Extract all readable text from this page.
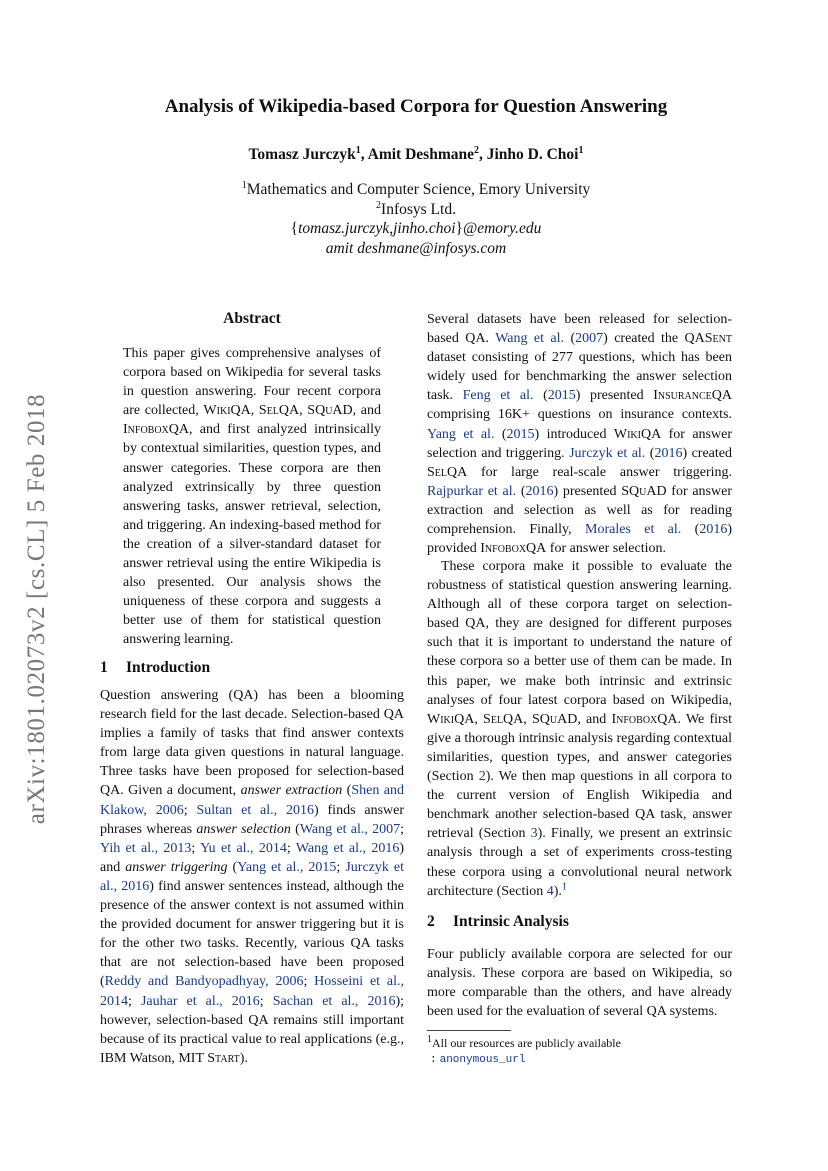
arXiv:1801.02073v2 [cs.CL] 5 Feb 2018
Analysis of Wikipedia-based Corpora for Question Answering
Tomasz Jurczyk$^1$, Amit Deshmane$^2$, Jinho D. Choi$^1$
$^1$Mathematics and Computer Science, Emory University
$^2$Infosys Ltd.
{tomasz.jurczyk,jinho.choi}@emory.edu
amit deshmane@infosys.com
Abstract
This paper gives comprehensive analyses of corpora based on Wikipedia for several tasks in question answering. Four recent corpora are collected, WikiQA, SelQA, SQuAD, and InfoboxQA, and first analyzed intrinsically by contextual similarities, question types, and answer categories. These corpora are then analyzed extrinsically by three question answering tasks, answer retrieval, selection, and triggering. An indexing-based method for the creation of a silver-standard dataset for answer retrieval using the entire Wikipedia is also presented. Our analysis shows the uniqueness of these corpora and suggests a better use of them for statistical question answering learning.
1 Introduction
Question answering (QA) has been a blooming research field for the last decade. Selection-based QA implies a family of tasks that find answer contexts from large data given questions in natural language. Three tasks have been proposed for selection-based QA. Given a document, answer extraction (Shen and Klakow, 2006; Sultan et al., 2016) finds answer phrases whereas answer selection (Wang et al., 2007; Yih et al., 2013; Yu et al., 2014; Wang et al., 2016) and answer triggering (Yang et al., 2015; Jurczyk et al., 2016) find answer sentences instead, although the presence of the answer context is not assumed within the provided document for answer triggering but it is for the other two tasks. Recently, various QA tasks that are not selection-based have been proposed (Reddy and Bandyopadhyay, 2006; Hosseini et al., 2014; Jauhar et al., 2016; Sachan et al., 2016); however, selection-based QA remains still important because of its practical value to real applications (e.g., IBM Watson, MIT Start).
Several datasets have been released for selection-based QA. Wang et al. (2007) created the QASent dataset consisting of 277 questions, which has been widely used for benchmarking the answer selection task. Feng et al. (2015) presented InsuranceQA comprising 16K+ questions on insurance contexts. Yang et al. (2015) introduced WikiQA for answer selection and triggering. Jurczyk et al. (2016) created SelQA for large real-scale answer triggering. Rajpurkar et al. (2016) presented SQuAD for answer extraction and selection as well as for reading comprehension. Finally, Morales et al. (2016) provided InfoboxQA for answer selection.
These corpora make it possible to evaluate the robustness of statistical question answering learning. Although all of these corpora target on selection-based QA, they are designed for different purposes such that it is important to understand the nature of these corpora so a better use of them can be made. In this paper, we make both intrinsic and extrinsic analyses of four latest corpora based on Wikipedia, WikiQA, SelQA, SQuAD, and InfoboxQA. We first give a thorough intrinsic analysis regarding contextual similarities, question types, and answer categories (Section 2). We then map questions in all corpora to the current version of English Wikipedia and benchmark another selection-based QA task, answer retrieval (Section 3). Finally, we present an extrinsic analysis through a set of experiments cross-testing these corpora using a convolutional neural network architecture (Section 4).$^1$
2 Intrinsic Analysis
Four publicly available corpora are selected for our analysis. These corpora are based on Wikipedia, so more comparable than the others, and have already been used for the evaluation of several QA systems.
$^1$All our resources are publicly available
: anonymous_url
